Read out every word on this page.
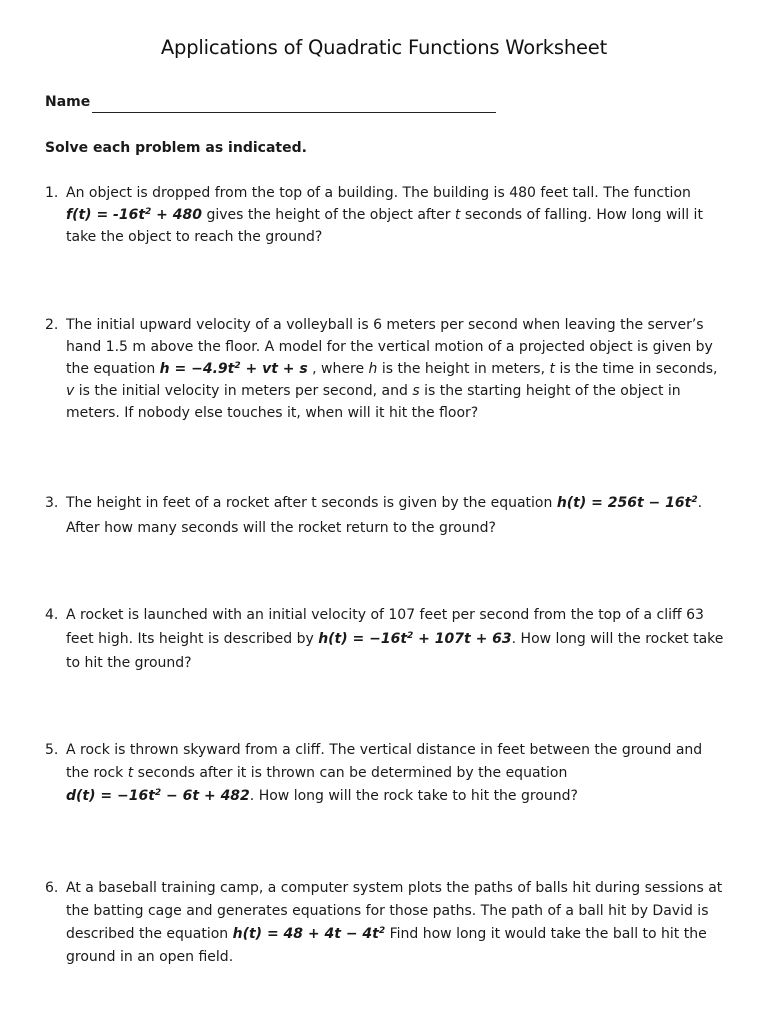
Applications of Quadratic Functions Worksheet
Name
Solve each problem as indicated.
1. An object is dropped from the top of a building. The building is 480 feet tall. The function $f(t) = -16t^2 + 480$ gives the height of the object after t seconds of falling. How long will it take the object to reach the ground?
2. The initial upward velocity of a volleyball is 6 meters per second when leaving the server’s hand 1.5 m above the floor. A model for the vertical motion of a projected object is given by the equation $h = -4.9t^2$ + vt + s , where h is the height in meters, t is the time in seconds, v is the initial velocity in meters per second, and s is the starting height of the object in meters. If nobody else touches it, when will it hit the floor?
3. The height in feet of a rocket after t seconds is given by the equation $h(t) = 256t - 16t^2$. After how many seconds will the rocket return to the ground?
4. A rocket is launched with an initial velocity of 107 feet per second from the top of a cliff 63 feet high. Its height is described by $h(t) = -16t^2 + 107t + 63$. How long will the rocket take to hit the ground?
5. A rock is thrown skyward from a cliff. The vertical distance in feet between the ground and the rock t seconds after it is thrown can be determined by the equation $d(t) = -16t^2 - 6t + 482$. How long will the rock take to hit the ground?
6. At a baseball training camp, a computer system plots the paths of balls hit during sessions at the batting cage and generates equations for those paths. The path of a ball hit by David is described the equation $h(t) = 48 + 4t - 4t^2$ Find how long it would take the ball to hit the ground in an open field.
